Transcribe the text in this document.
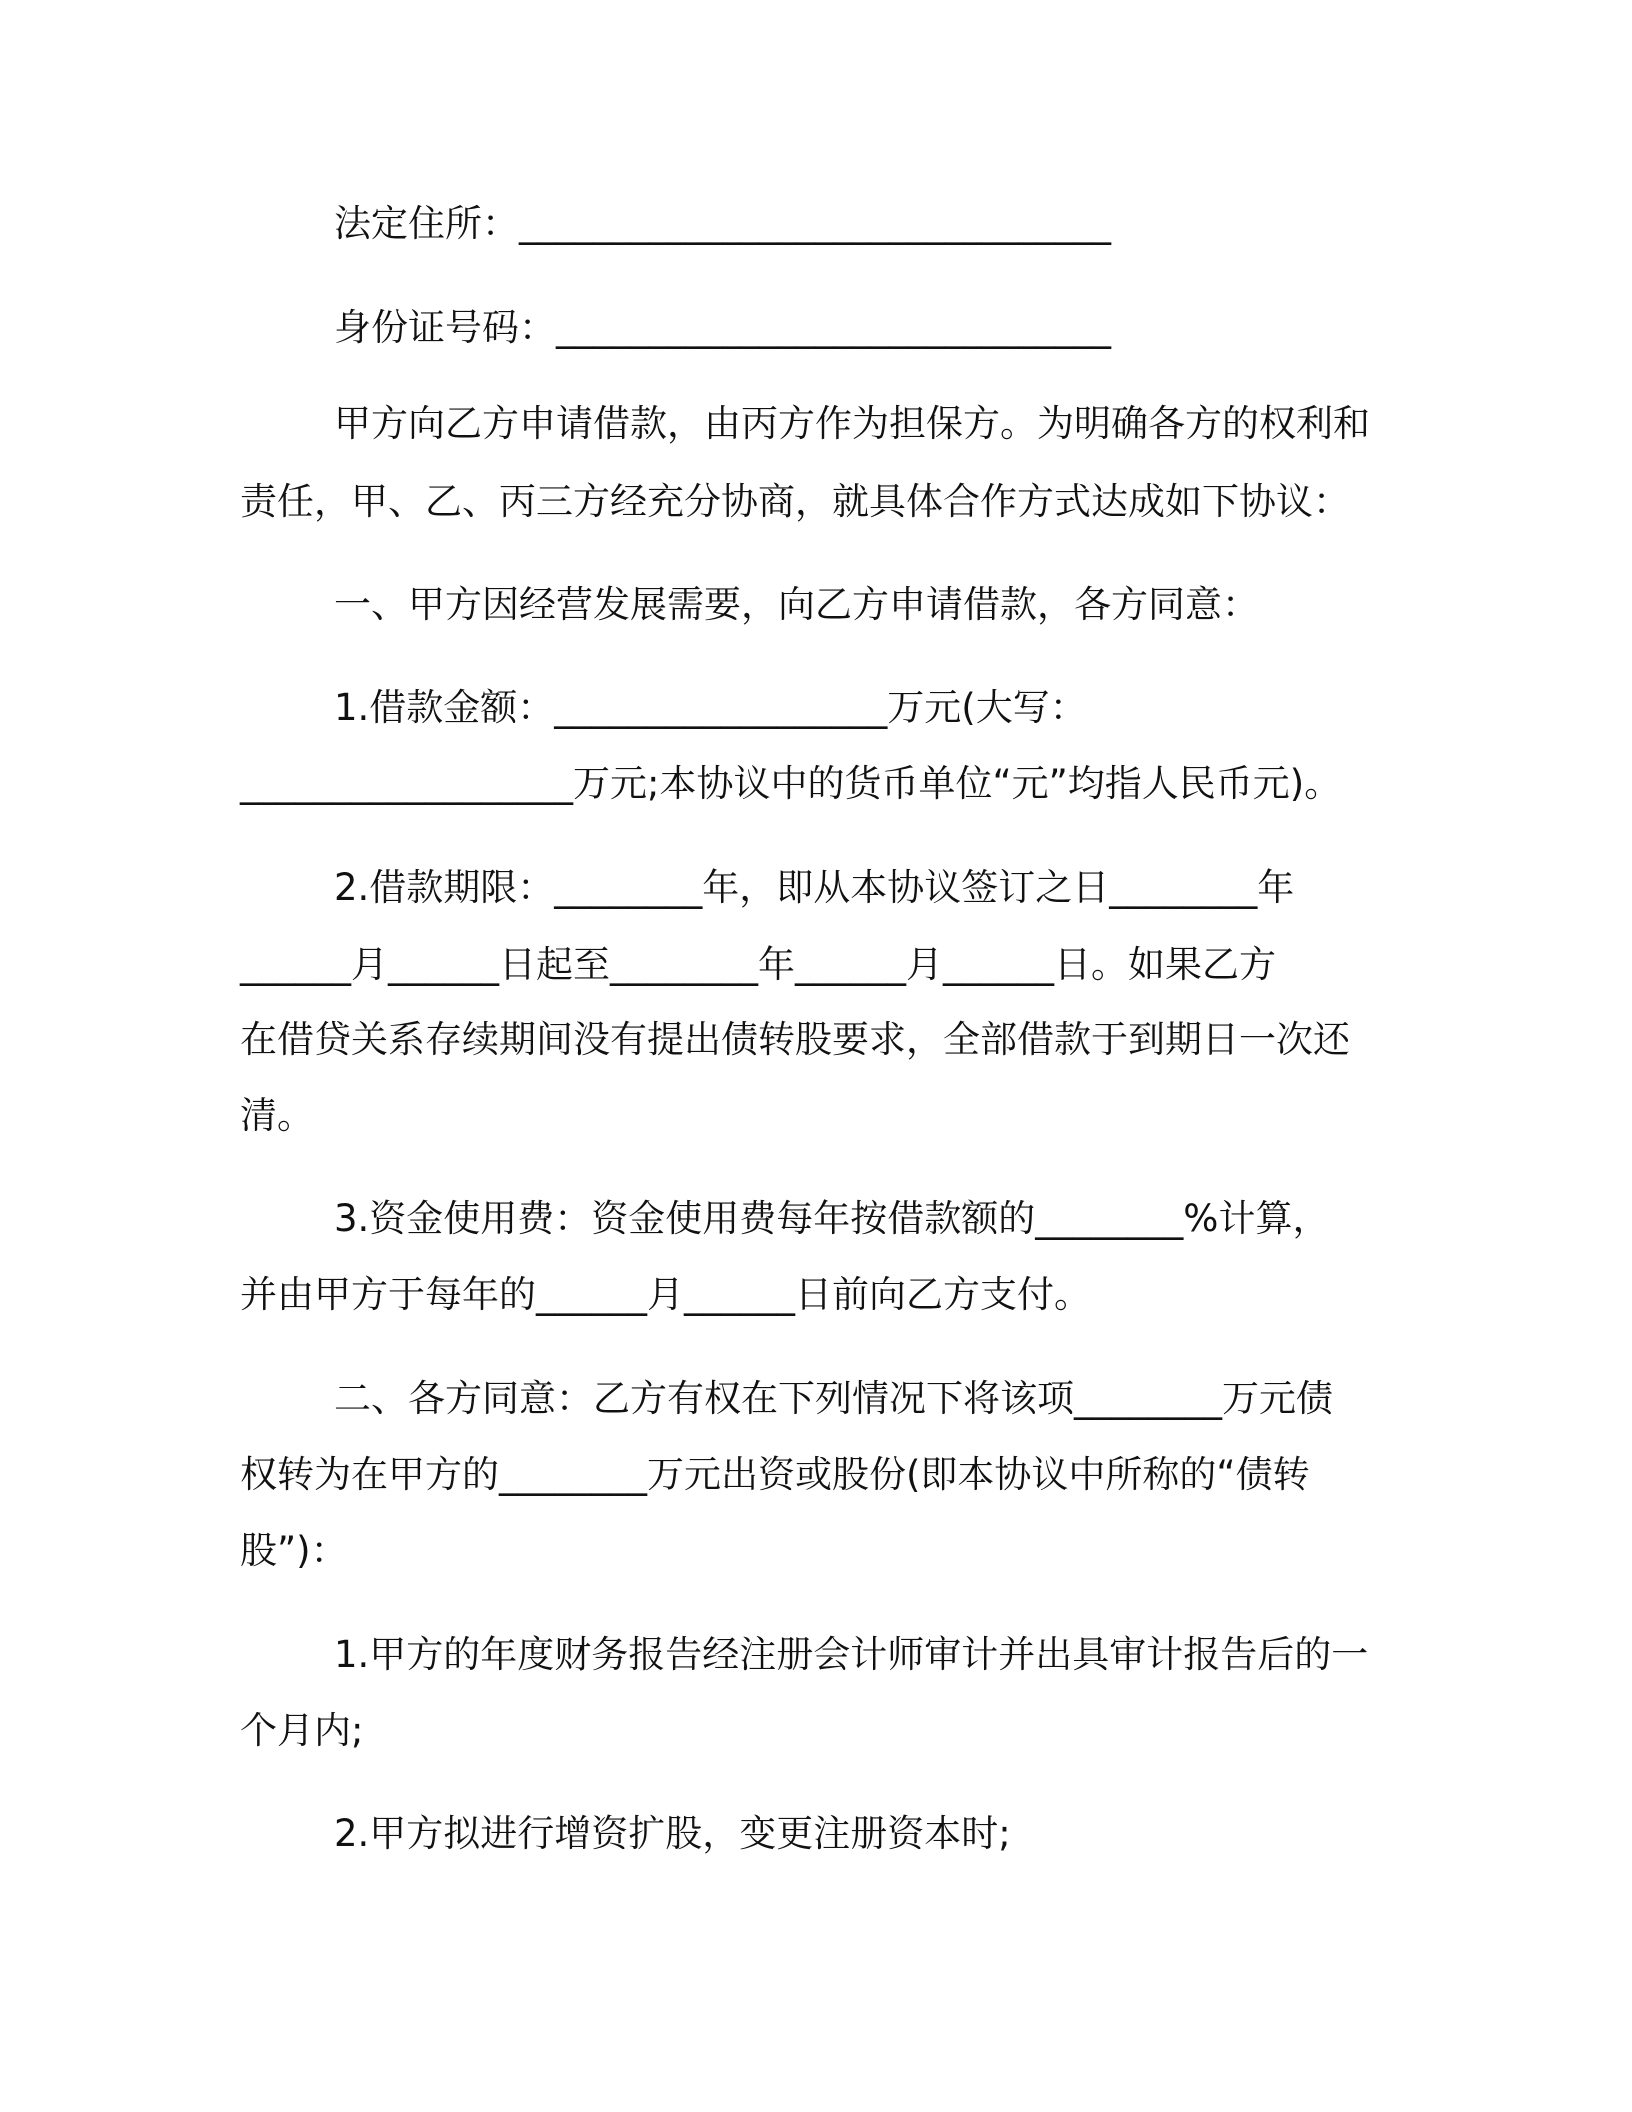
法定住所：________________________________

身份证号码：______________________________

甲方向乙方申请借款，由丙方作为担保方。为明确各方的权利和

责任，甲、乙、丙三方经充分协商，就具体合作方式达成如下协议：

一、甲方因经营发展需要，向乙方申请借款，各方同意：

1.借款金额：__________________万元(大写：

__________________万元;本协议中的货币单位“元”均指人民币元)。

2.借款期限：________年，即从本协议签订之日________年

______月______日起至________年______月______日。如果乙方

在借贷关系存续期间没有提出债转股要求，全部借款于到期日一次还

清。

3.资金使用费：资金使用费每年按借款额的________%计算，

并由甲方于每年的______月______日前向乙方支付。

二、各方同意：乙方有权在下列情况下将该项________万元债

权转为在甲方的________万元出资或股份(即本协议中所称的“债转

股”)：

1.甲方的年度财务报告经注册会计师审计并出具审计报告后的一

个月内;

2.甲方拟进行增资扩股，变更注册资本时;
